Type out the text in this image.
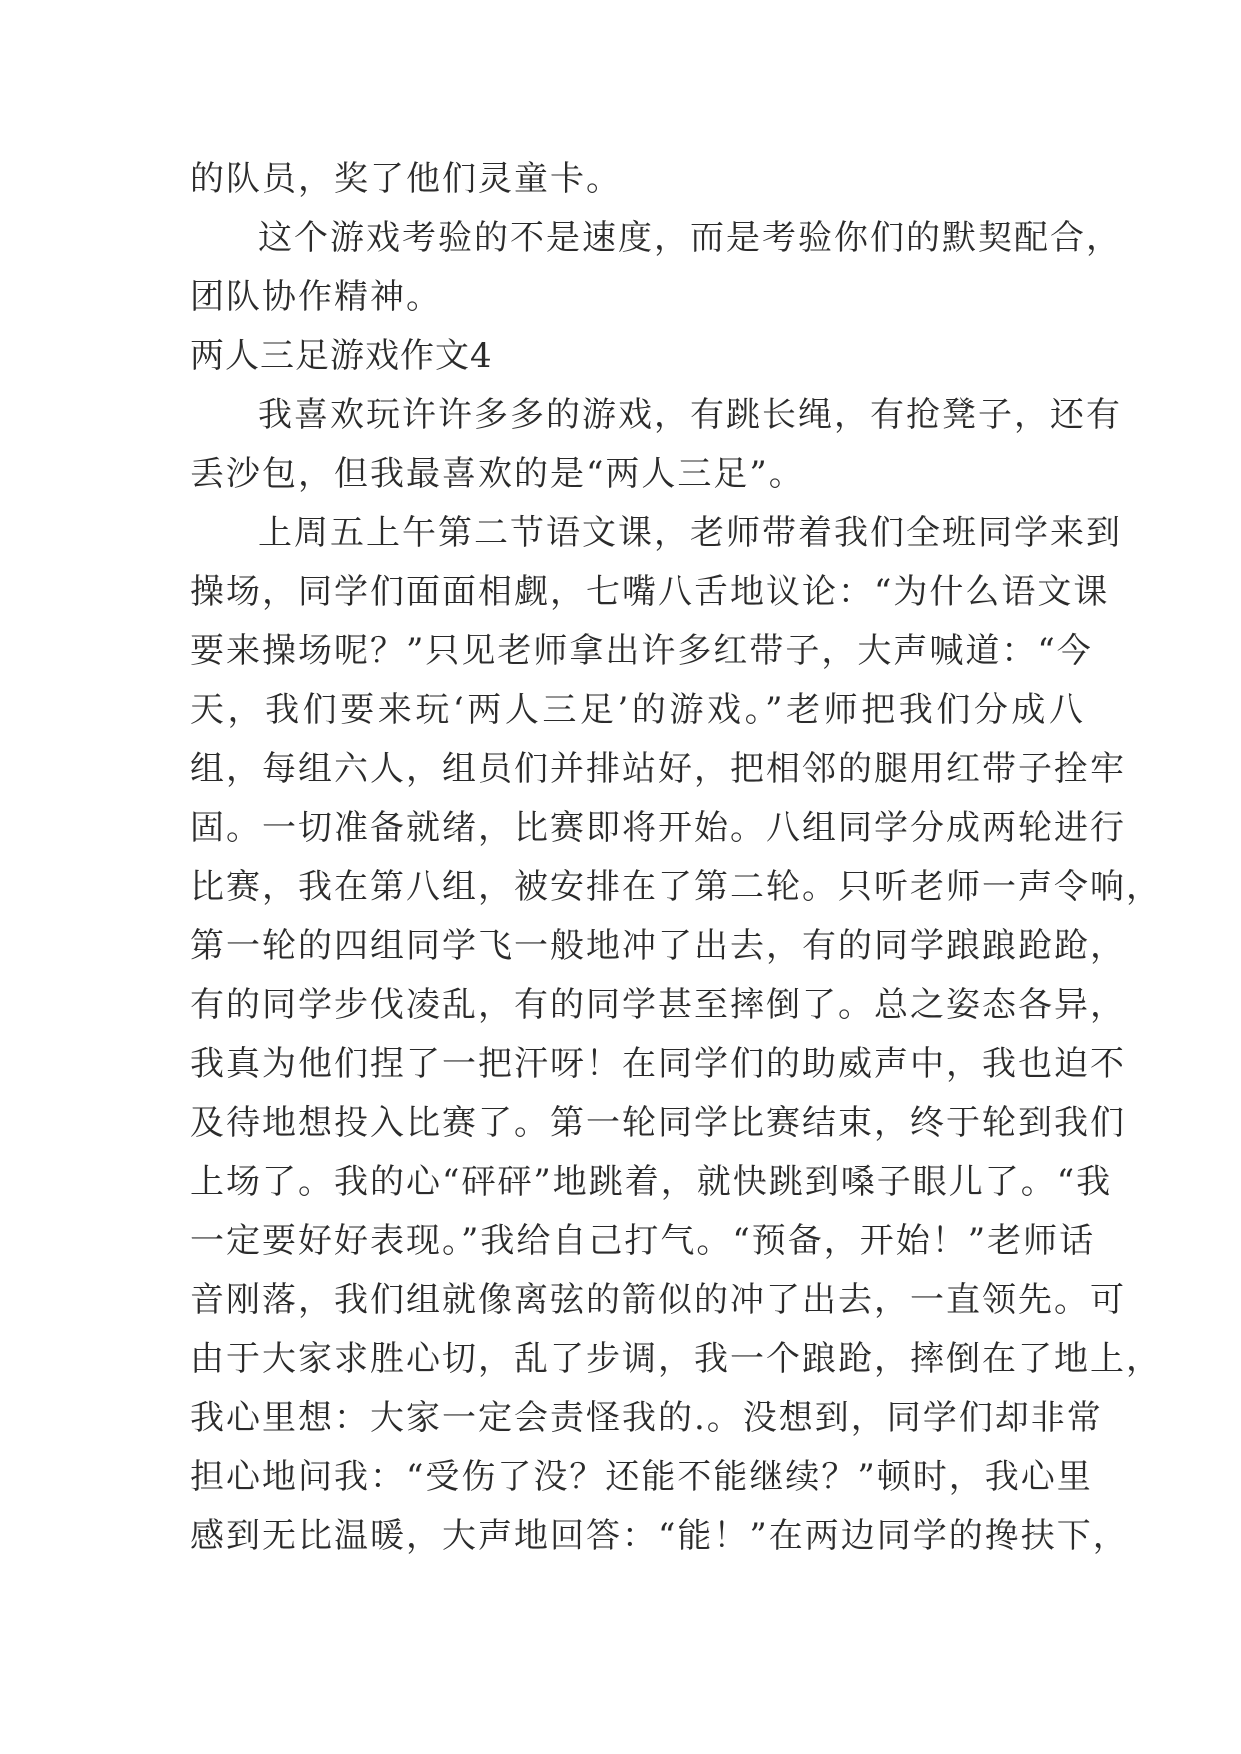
的队员，奖了他们灵童卡。
这个游戏考验的不是速度，而是考验你们的默契配合，
团队协作精神。
两人三足游戏作文4
我喜欢玩许许多多的游戏，有跳长绳，有抢凳子，还有
丢沙包，但我最喜欢的是“两人三足”。
上周五上午第二节语文课，老师带着我们全班同学来到
操场，同学们面面相觑，七嘴八舌地议论：“为什么语文课
要来操场呢？”只见老师拿出许多红带子，大声喊道：“今
天，我们要来玩‘两人三足’的游戏。”老师把我们分成八
组，每组六人，组员们并排站好，把相邻的腿用红带子拴牢
固。一切准备就绪，比赛即将开始。八组同学分成两轮进行
比赛，我在第八组，被安排在了第二轮。只听老师一声令响，
第一轮的四组同学飞一般地冲了出去，有的同学踉踉跄跄，
有的同学步伐凌乱，有的同学甚至摔倒了。总之姿态各异，
我真为他们捏了一把汗呀！在同学们的助威声中，我也迫不
及待地想投入比赛了。第一轮同学比赛结束，终于轮到我们
上场了。我的心“砰砰”地跳着，就快跳到嗓子眼儿了。“我
一定要好好表现。”我给自己打气。“预备，开始！”老师话
音刚落，我们组就像离弦的箭似的冲了出去，一直领先。可
由于大家求胜心切，乱了步调，我一个踉跄，摔倒在了地上，
我心里想：大家一定会责怪我的.。没想到，同学们却非常
担心地问我：“受伤了没？还能不能继续？”顿时，我心里
感到无比温暖，大声地回答：“能！”在两边同学的搀扶下，
